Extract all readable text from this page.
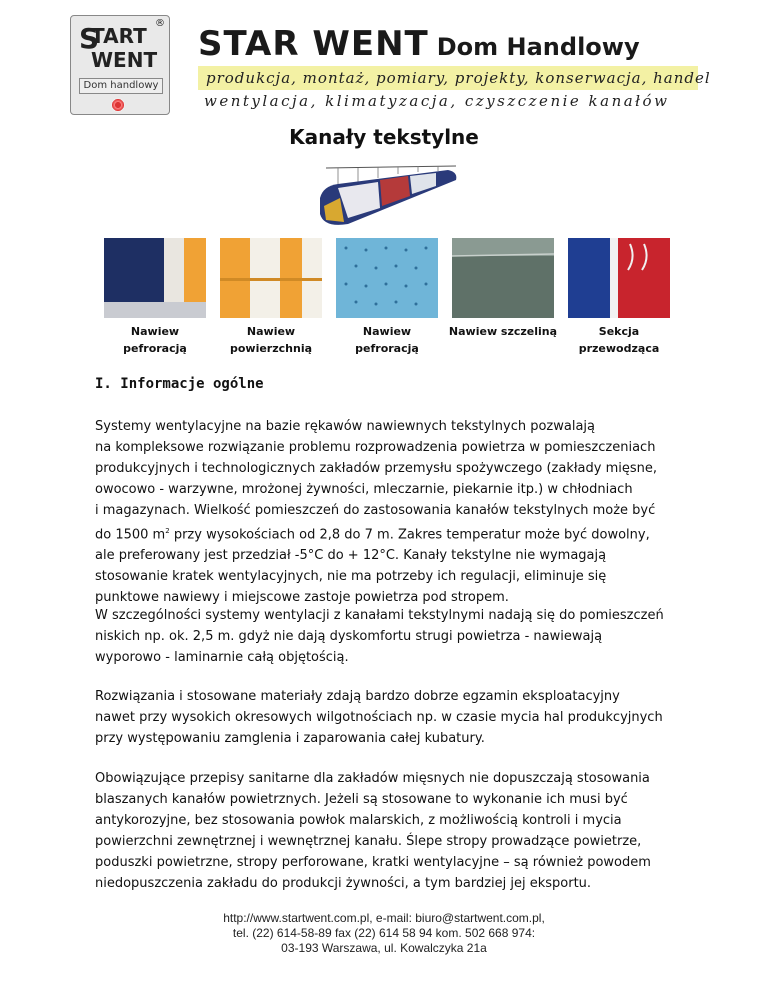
S
TART
WENT
®
Dom handlowy
STAR WENT Dom Handlowy
produkcja, montaż, pomiary, projekty, konserwacja, handel
wentylacja, klimatyzacja, czyszczenie kanałów
Kanały tekstylne
Nawiew pefroracją
Nawiew powierzchnią
Nawiew pefroracją
Nawiew szczeliną	Sekcja przewodząca
I. Informacje ogólne

Systemy wentylacyjne na bazie rękawów nawiewnych tekstylnych pozwalają
na kompleksowe rozwiązanie problemu rozprowadzenia powietrza w pomieszczeniach
produkcyjnych i technologicznych zakładów przemysłu spożywczego (zakłady mięsne,
owocowo - warzywne, mrożonej żywności, mleczarnie, piekarnie itp.) w chłodniach
i magazynach. Wielkość pomieszczeń do zastosowania kanałów tekstylnych może być
do 1500 $m^2$ przy wysokościach od 2,8 do 7 m. Zakres temperatur może być dowolny,
ale preferowany jest przedział -5°C do + 12°C. Kanały tekstylne nie wymagają
stosowanie kratek wentylacyjnych, nie ma potrzeby ich regulacji, eliminuje się
punktowe nawiewy i miejscowe zastoje powietrza pod stropem.

W szczególności systemy wentylacji z kanałami tekstylnymi nadają się do pomieszczeń
niskich np. ok. 2,5 m. gdyż nie dają dyskomfortu strugi powietrza - nawiewają
wyporowo - laminarnie całą objętością.

Rozwiązania i stosowane materiały zdają bardzo dobrze egzamin eksploatacyjny
nawet przy wysokich okresowych wilgotnościach np. w czasie mycia hal produkcyjnych
przy występowaniu zamglenia i zaparowania całej kubatury.

Obowiązujące przepisy sanitarne dla zakładów mięsnych nie dopuszczają stosowania
blaszanych kanałów powietrznych. Jeżeli są stosowane to wykonanie ich musi być
antykorozyjne, bez stosowania powłok malarskich, z możliwością kontroli i mycia
powierzchni zewnętrznej i wewnętrznej kanału. Ślepe stropy prowadzące powietrze,
poduszki powietrzne, stropy perforowane, kratki wentylacyjne – są również powodem
niedopuszczenia zakładu do produkcji żywności, a tym bardziej jej eksportu.

http://www.startwent.com.pl, e-mail: biuro@startwent.com.pl,
tel. (22) 614-58-89 fax (22) 614 58 94 kom. 502 668 974:
03-193 Warszawa, ul. Kowalczyka 21a
